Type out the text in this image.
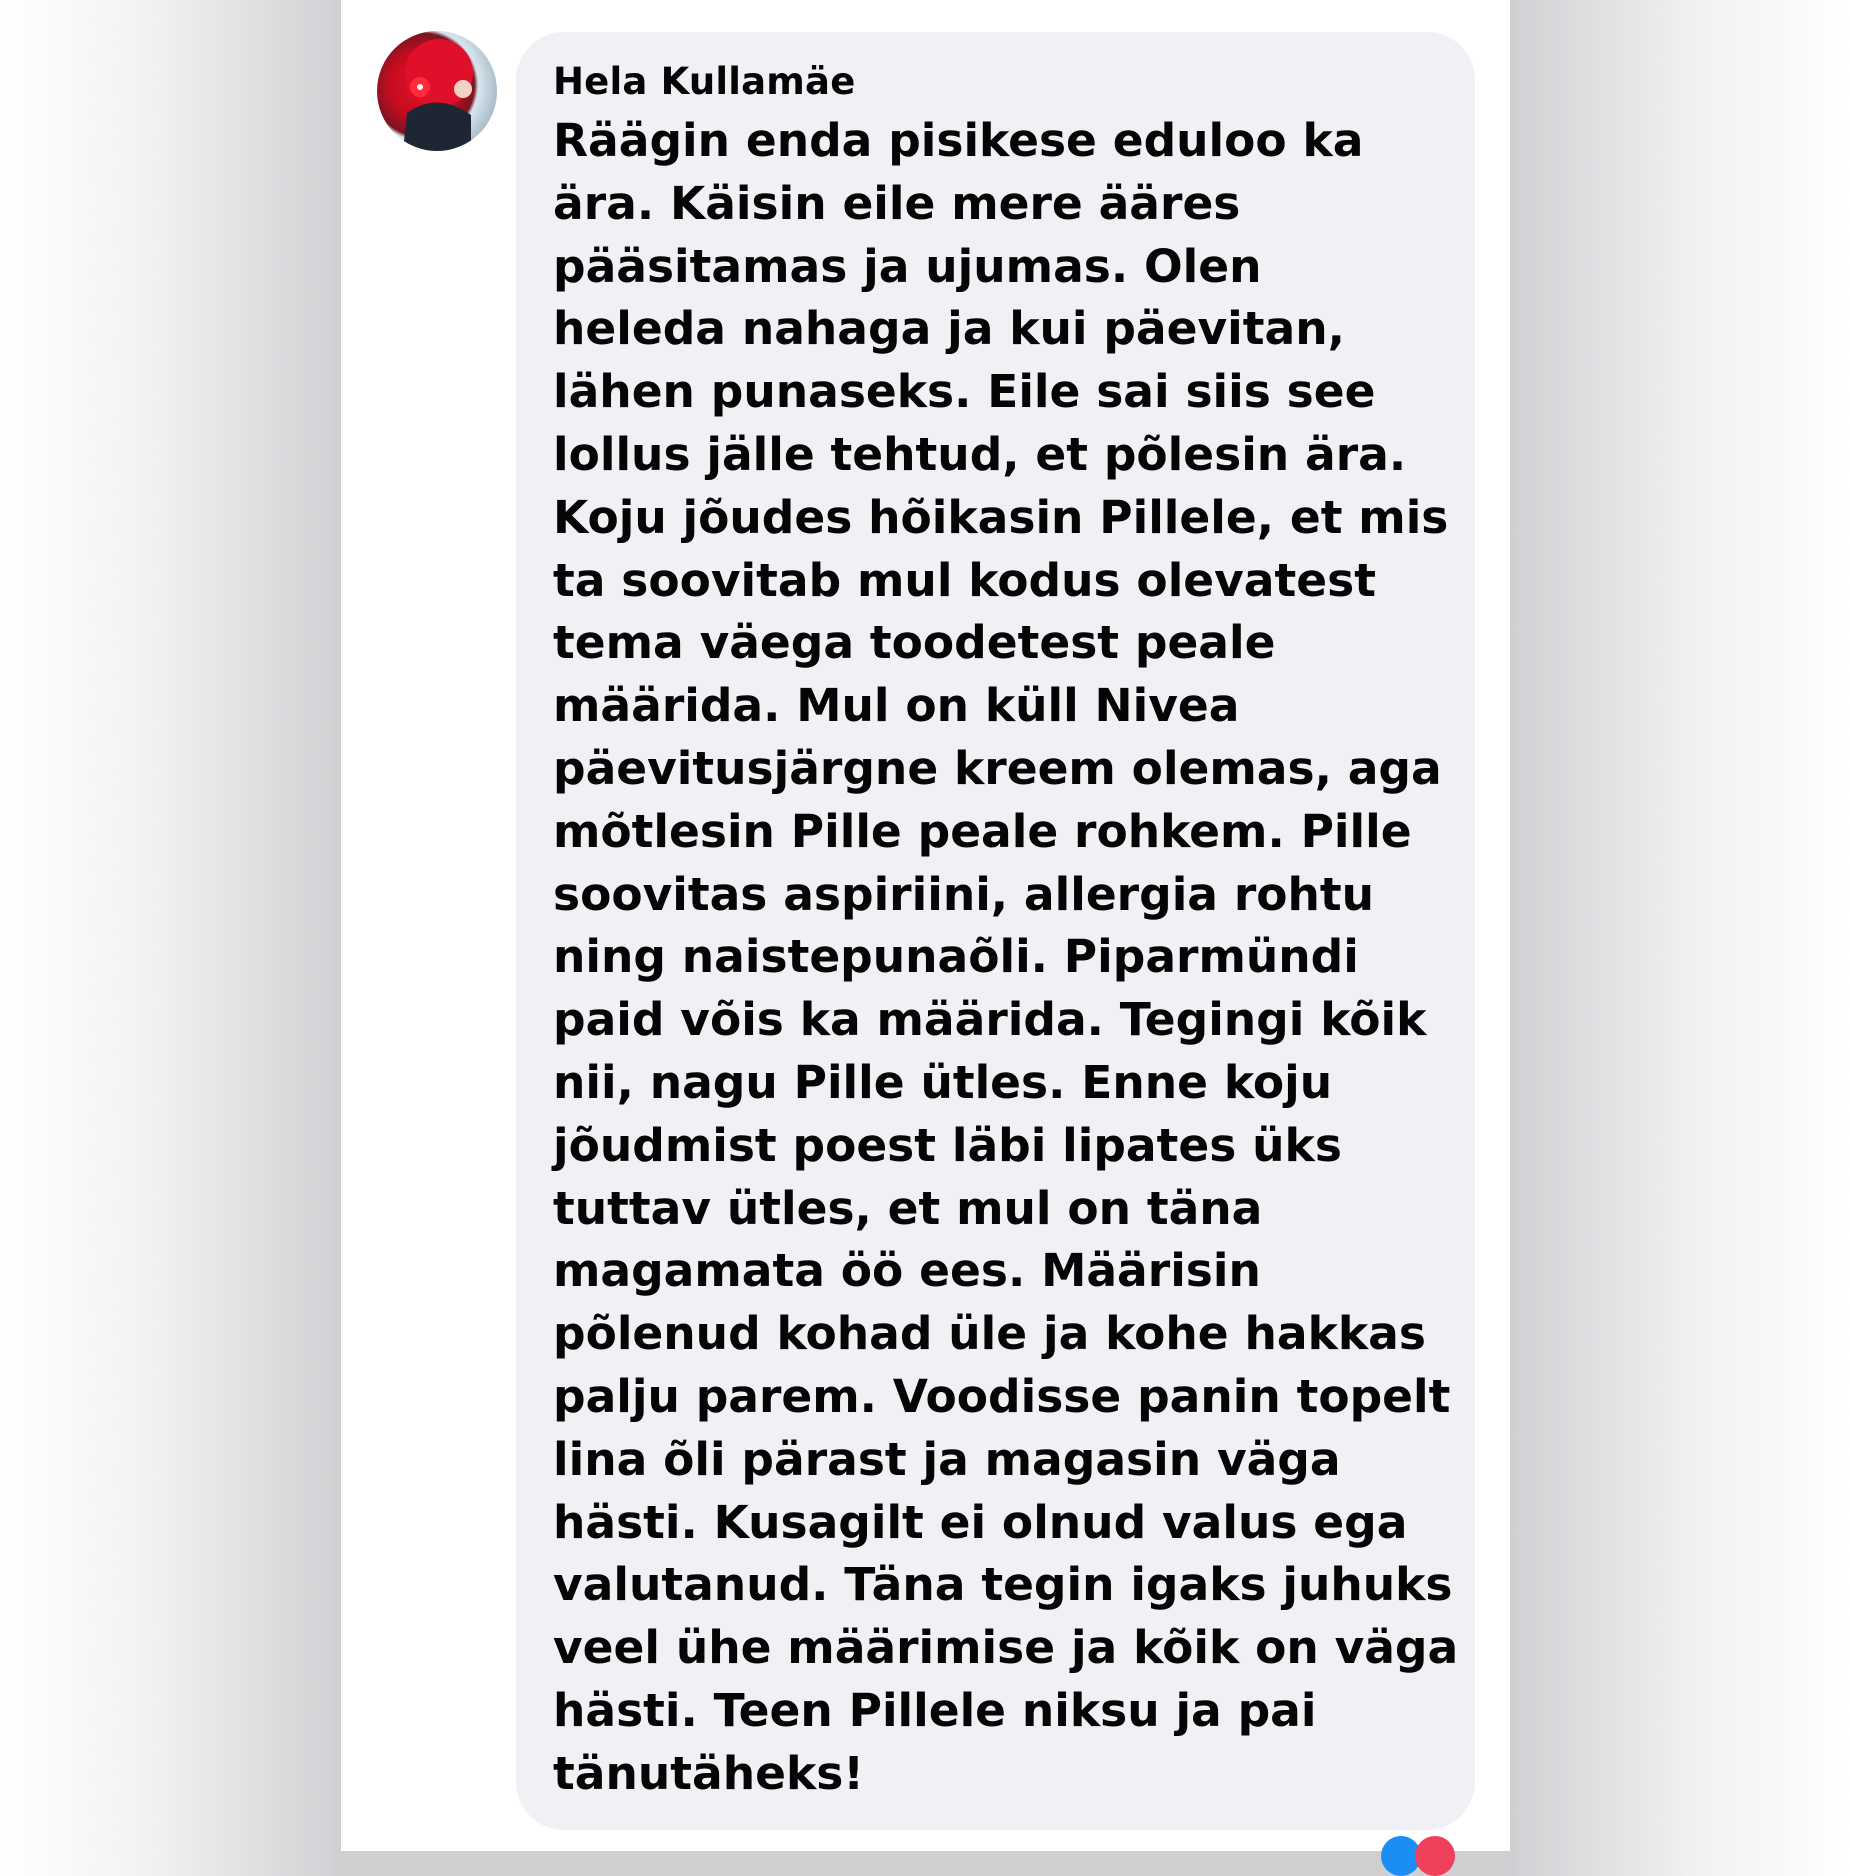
Hela Kullamäe
Räägin enda pisikese eduloo ka
ära. Käisin eile mere ääres
pääsitamas ja ujumas. Olen
heleda nahaga ja kui päevitan,
lähen punaseks. Eile sai siis see
lollus jälle tehtud, et põlesin ära.
Koju jõudes hõikasin Pillele, et mis
ta soovitab mul kodus olevatest
tema väega toodetest peale
määrida. Mul on küll Nivea
päevitusjärgne kreem olemas, aga
mõtlesin Pille peale rohkem. Pille
soovitas aspiriini, allergia rohtu
ning naistepunaõli. Piparmündi
paid võis ka määrida. Tegingi kõik
nii, nagu Pille ütles. Enne koju
jõudmist poest läbi lipates üks
tuttav ütles, et mul on täna
magamata öö ees. Määrisin
põlenud kohad üle ja kohe hakkas
palju parem. Voodisse panin topelt
lina õli pärast ja magasin väga
hästi. Kusagilt ei olnud valus ega
valutanud. Täna tegin igaks juhuks
veel ühe määrimise ja kõik on väga
hästi. Teen Pillele niksu ja pai
tänutäheks!
